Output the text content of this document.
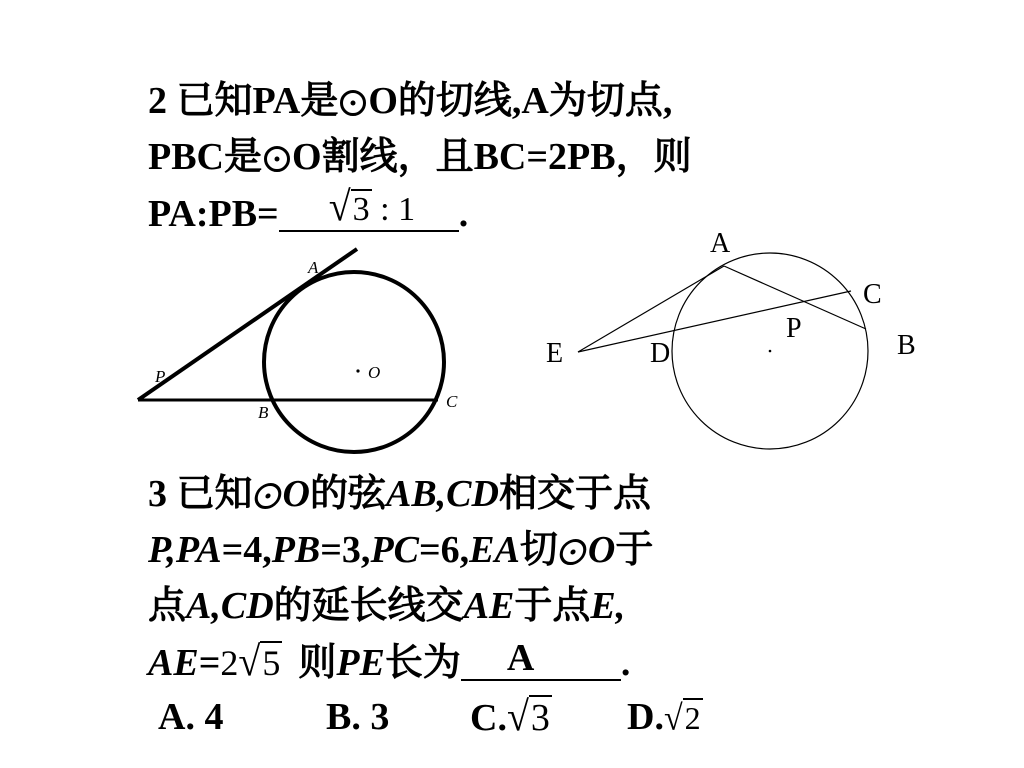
2 已知PA是 O的切线,A为切点,
PBC是 O割线，且BC=2PB，则
PA:PB= √3 : 1 .
A
O
P
B
C
A
C
P
B
E	D
3 已知 O的弦AB,CD相交于点
P,PA=4,PB=3,PC=6,EA切 O于
点A,CD的延长线交AE于点E,
AE=2√5 则PE长为 A .
A. 4	B. 3 C.√3 D.√2
